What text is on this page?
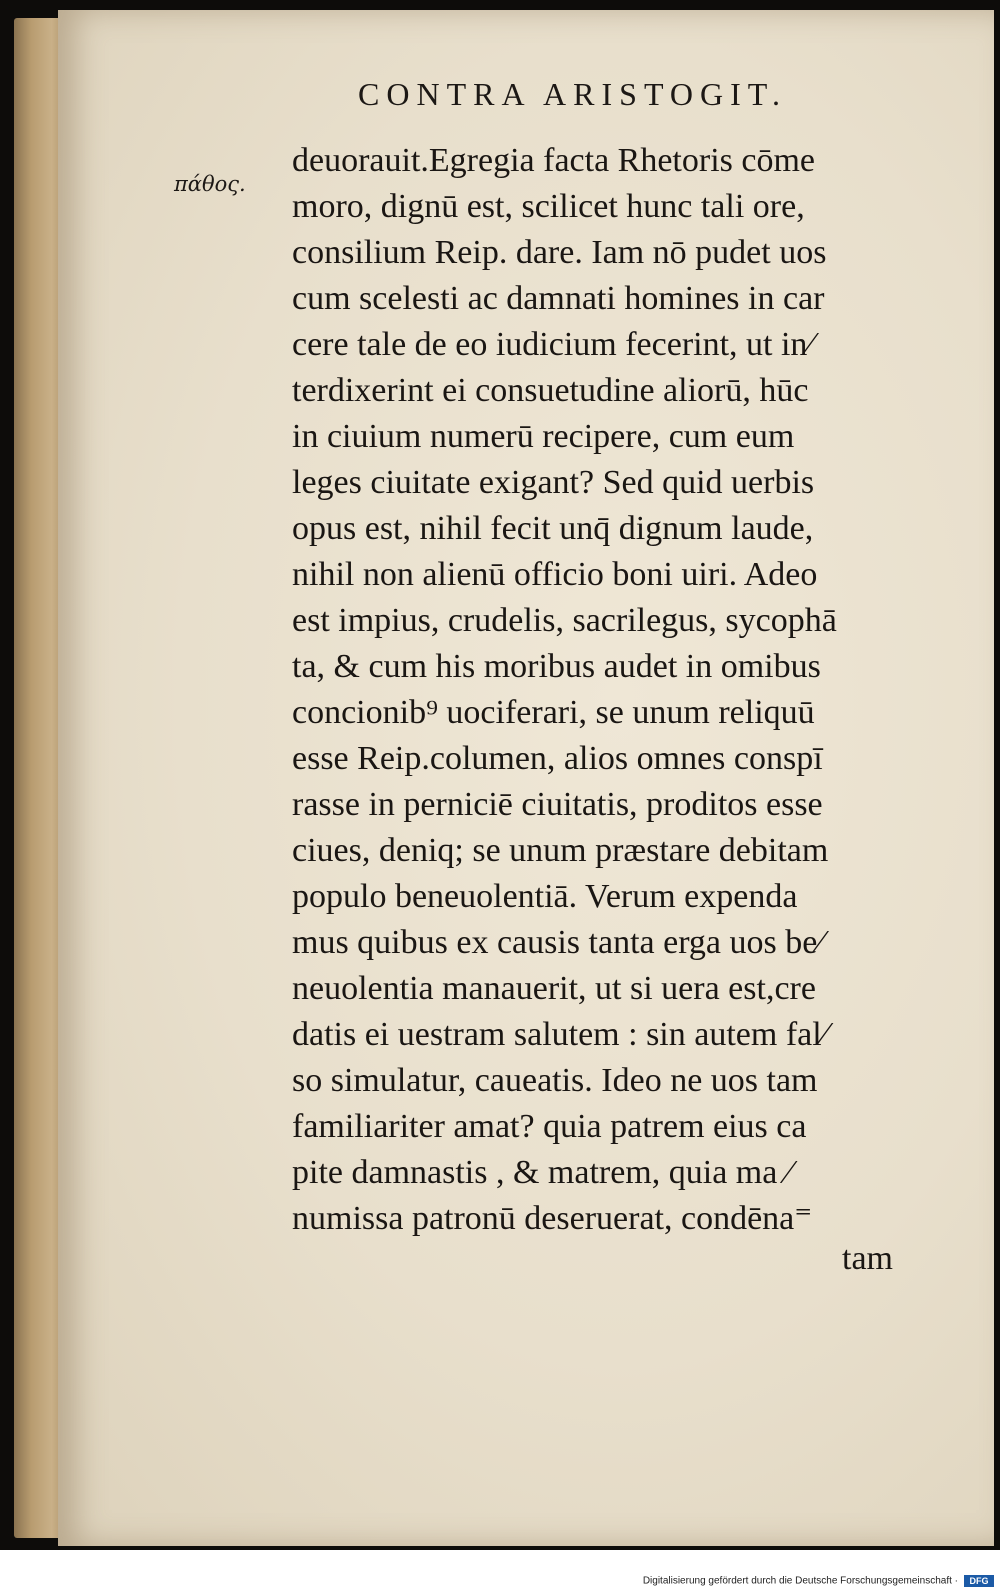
CONTRA ARISTOGIT.
πάθος.
deuorauit.Egregia facta Rhetoris cōme
moro, dignū est, scilicet hunc tali ore,
consilium Reip. dare. Iam nō pudet uos
cum scelesti ac damnati homines in car
cere tale de eo iudicium fecerint, ut in⁄
terdixerint ei consuetudine aliorū, hūc
in ciuium numerū recipere, cum eum
leges ciuitate exigant? Sed quid uerbis
opus est, nihil fecit unq̄ dignum laude,
nihil non alienū officio boni uiri. Adeo
est impius, crudelis, sacrilegus, sycophā
ta, & cum his moribus audet in omibus
concionib⁹ uociferari, se unum reliquū
esse Reip.columen, alios omnes conspī
rasse in perniciē ciuitatis, proditos esse
ciues, deniq; se unum præstare debitam
populo beneuolentiā. Verum expenda
mus quibus ex causis tanta erga uos be⁄
neuolentia manauerit, ut si uera est,cre
datis ei uestram salutem : sin autem fal⁄
so simulatur, caueatis. Ideo ne uos tam
familiariter amat? quia patrem eius ca
pite damnastis , & matrem, quia ma ⁄
numissa patronū deseruerat, condēna⁼
tam
Digitalisierung gefördert durch die Deutsche Forschungsgemeinschaft ·	DFG
